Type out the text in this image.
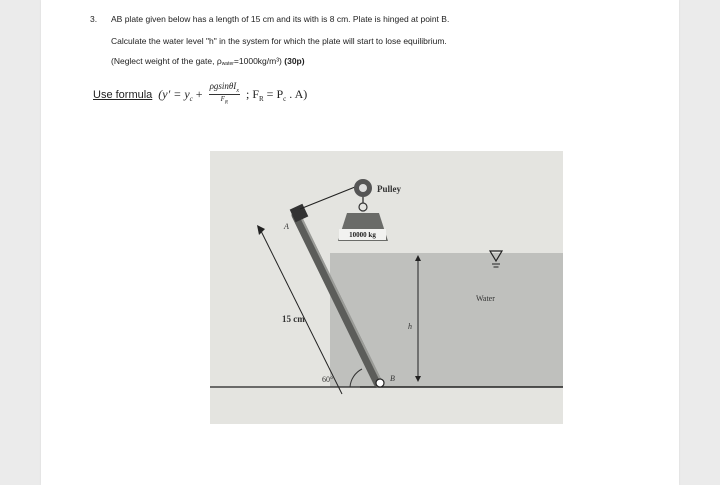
3. AB plate given below has a length of 15 cm and its with is 8 cm. Plate is hinged at point B.
Calculate the water level "h" in the system for which the plate will start to lose equilibrium.
(Neglect weight of the gate, ρwater=1000kg/m³) (30p)
Use formula ($y' = y_c + \frac{\rho gsin\theta I_x}{F_R}$ ; $F_R = P_c$ . A)
Pulley
10000 kg
Water
h
15 cm
60°
A
B
